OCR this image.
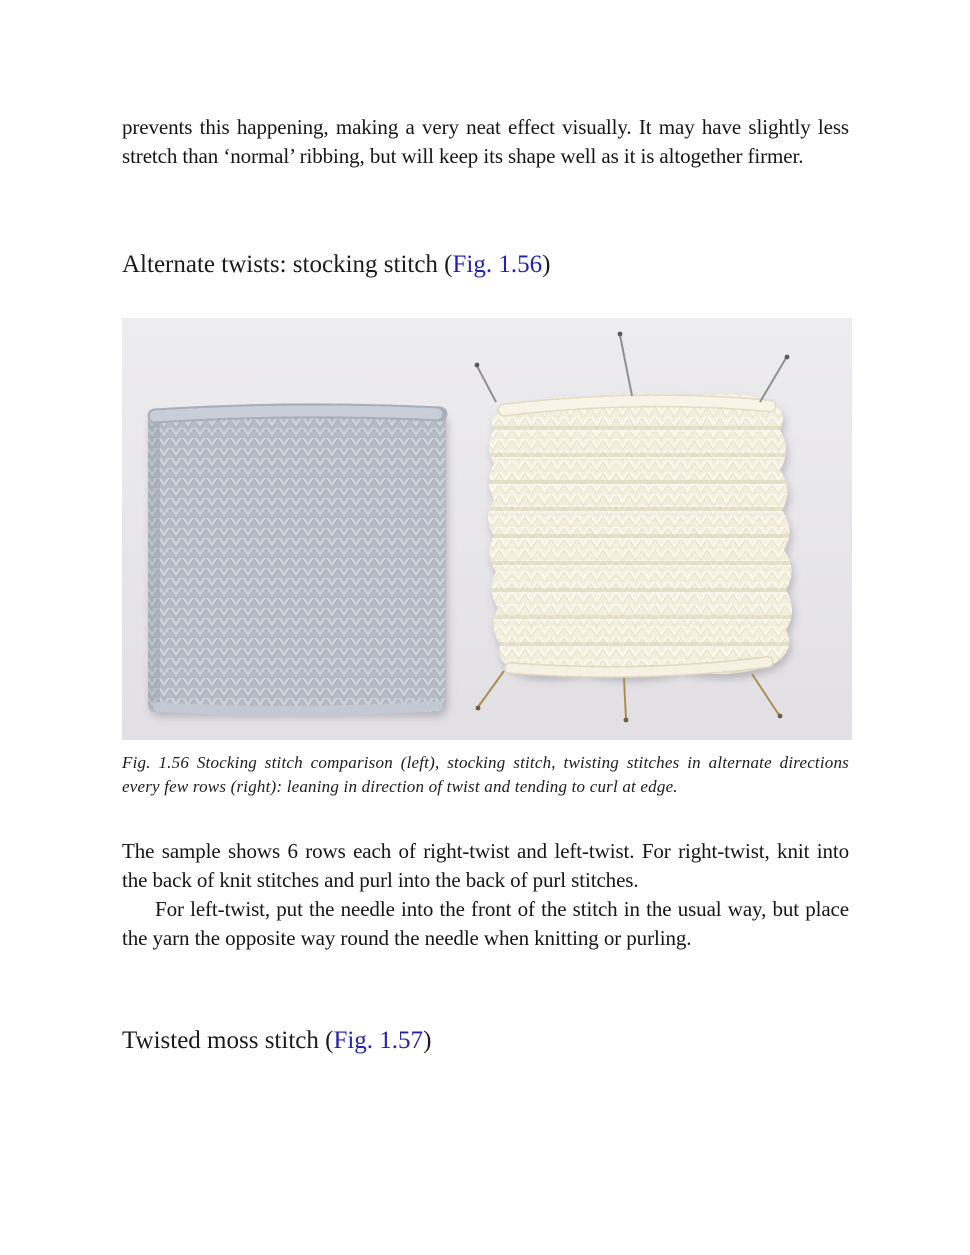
prevents this happening, making a very neat effect visually. It may have slightly less stretch than ‘normal’ ribbing, but will keep its shape well as it is altogether firmer.

Alternate twists: stocking stitch (Fig. 1.56)
Fig. 1.56 Stocking stitch comparison (left), stocking stitch, twisting stitches in alternate directions
every few rows (right): leaning in direction of twist and tending to curl at edge.

The sample shows 6 rows each of right-twist and left-twist. For right-twist, knit into the back of knit stitches and purl into the back of purl stitches.

For left-twist, put the needle into the front of the stitch in the usual way, but place the yarn the opposite way round the needle when knitting or purling.

Twisted moss stitch (Fig. 1.57)
